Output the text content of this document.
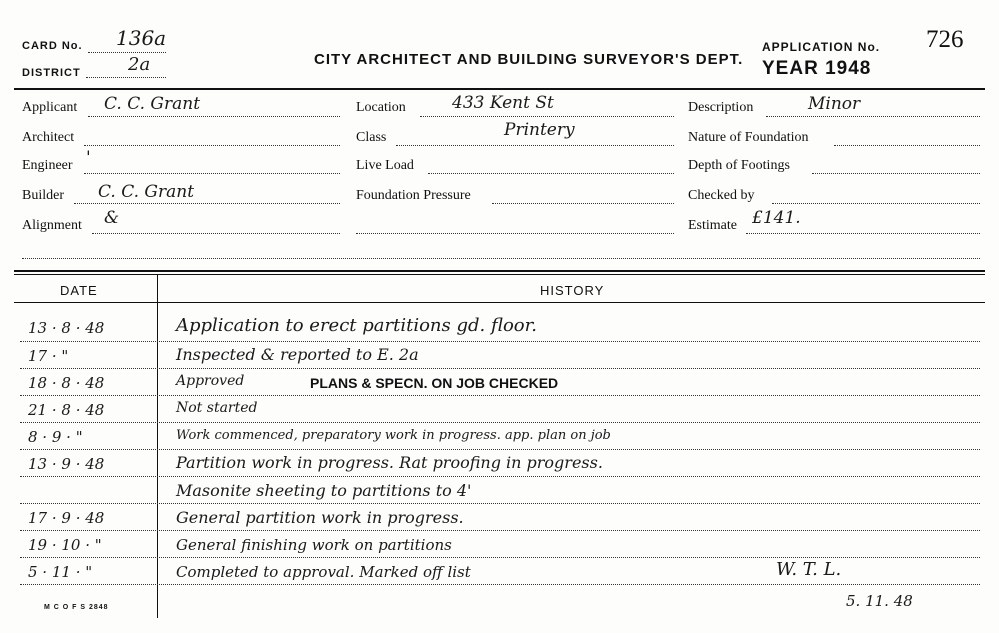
CARD No. 136a
DISTRICT	2a	CITY ARCHITECT AND BUILDING SURVEYOR'S DEPT.
APPLICATION No. 726
YEAR 1948
Applicant C. C. Grant
Architect
Engineer '
Builder C. C. Grant
Alignment &
Location	433 Kent St
Class	Printery
Live Load
Foundation Pressure
Description	Minor
Nature of Foundation
Depth of Footings
Checked by
Estimate £141.
DATE	HISTORY
13 · 8 · 48	Application to erect partitions gd. floor.
17 · "	Inspected & reported to E. 2a
18 · 8 · 48	Approved	PLANS & SPECN. ON JOB CHECKED
21 · 8 · 48	Not started
8 · 9 · "	Work commenced, preparatory work in progress. app. plan on job
13 · 9 · 48	Partition work in progress. Rat proofing in progress.
Masonite sheeting to partitions to 4'
17 · 9 · 48	General partition work in progress.
19 · 10 · "	General finishing work on partitions
5 · 11 · "	Completed to approval. Marked off list	W. T. L.
5. 11. 48
M C O F S 2848
